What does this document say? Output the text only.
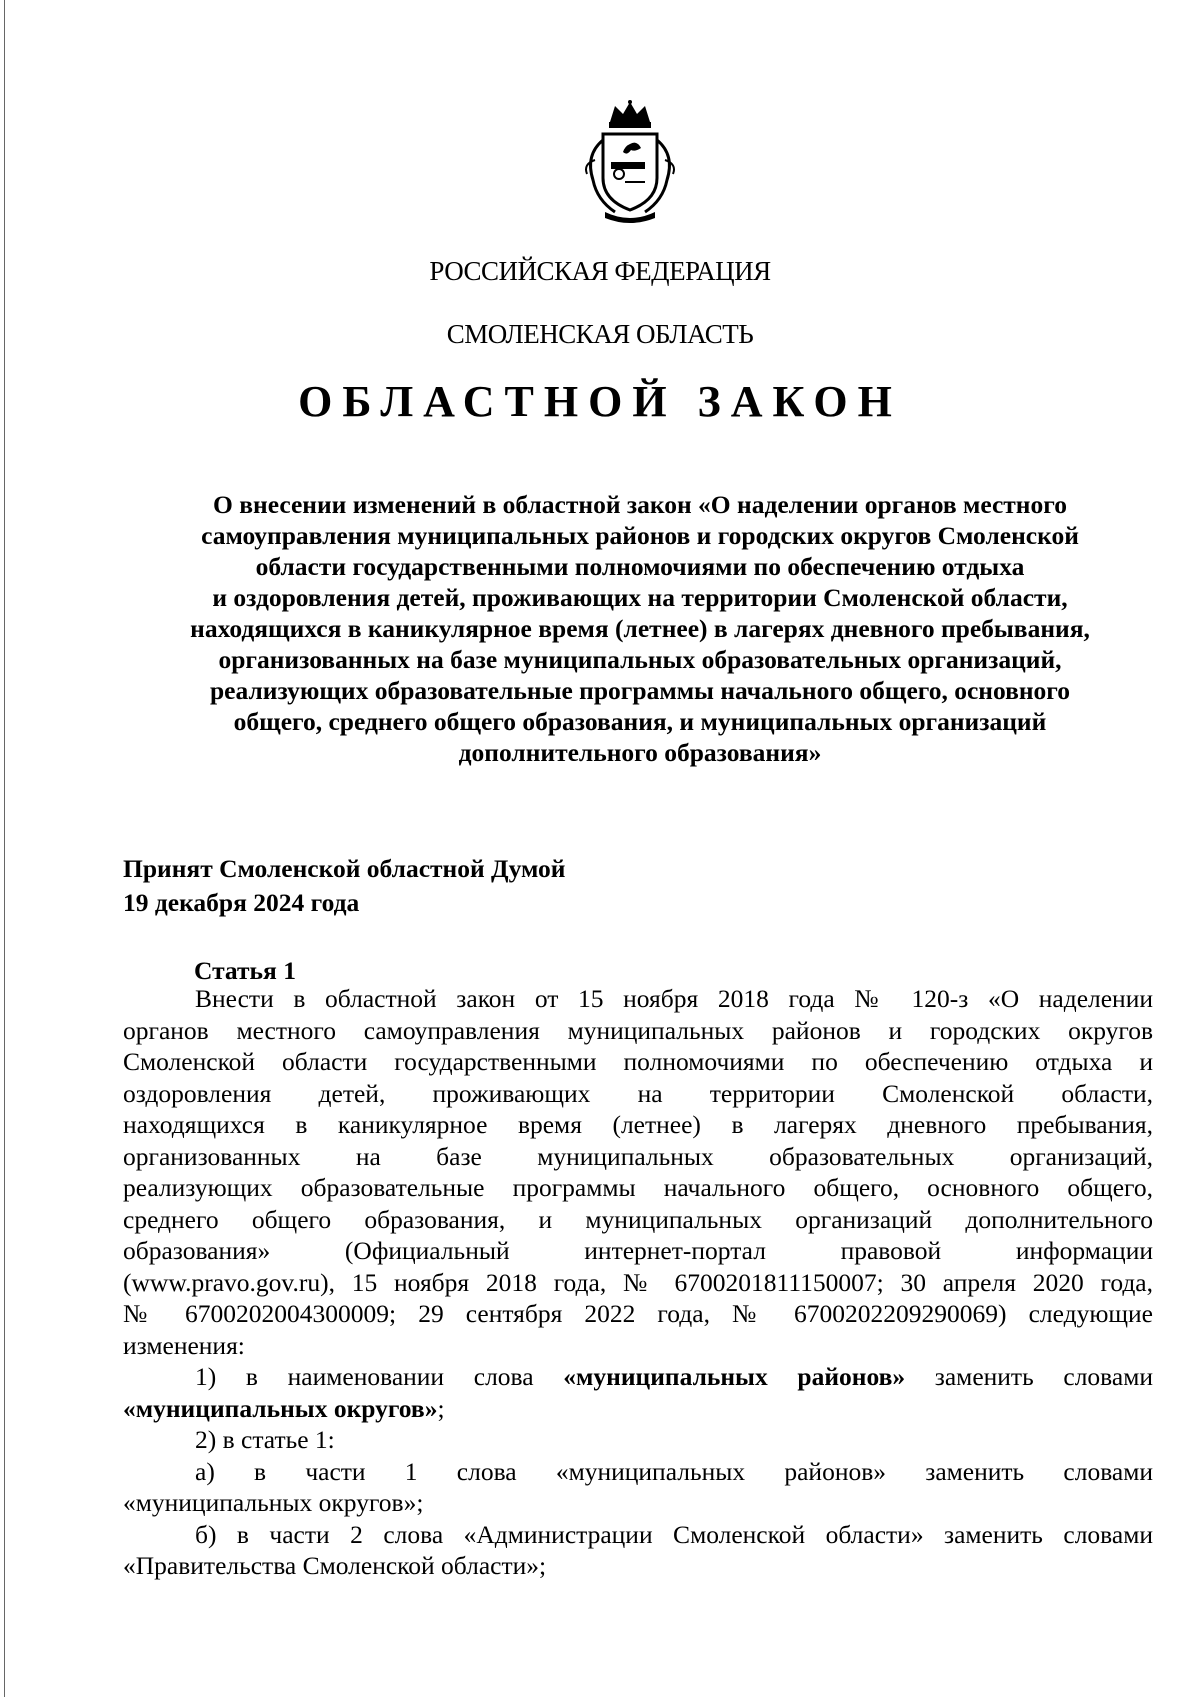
РОССИЙСКАЯ ФЕДЕРАЦИЯ
СМОЛЕНСКАЯ ОБЛАСТЬ
ОБЛАСТНОЙ ЗАКОН
О внесении изменений в областной закон «О наделении органов местного
самоуправления муниципальных районов и городских округов Смоленской
области государственными полномочиями по обеспечению отдыха
и оздоровления детей, проживающих на территории Смоленской области,
находящихся в каникулярное время (летнее) в лагерях дневного пребывания,
организованных на базе муниципальных образовательных организаций,
реализующих образовательные программы начального общего, основного
общего, среднего общего образования, и муниципальных организаций
дополнительного образования»
Принят Смоленской областной Думой
19 декабря 2024 года
Статья 1
Внести в областной закон от 15 ноября 2018 года № 120-з «О наделении
органов местного самоуправления муниципальных районов и городских округов
Смоленской области государственными полномочиями по обеспечению отдыха и
оздоровления детей, проживающих на территории Смоленской области,
находящихся в каникулярное время (летнее) в лагерях дневного пребывания,
организованных на базе муниципальных образовательных организаций,
реализующих образовательные программы начального общего, основного общего,
среднего общего образования, и муниципальных организаций дополнительного
образования» (Официальный интернет-портал правовой информации
(www.pravo.gov.ru), 15 ноября 2018 года, № 6700201811150007; 30 апреля 2020 года,
№ 6700202004300009; 29 сентября 2022 года, № 6700202209290069) следующие
изменения:
1) в наименовании слова «муниципальных районов» заменить словами
«муниципальных округов»;
2) в статье 1:
а) в части 1 слова «муниципальных районов» заменить словами
«муниципальных округов»;
б) в части 2 слова «Администрации Смоленской области» заменить словами
«Правительства Смоленской области»;
